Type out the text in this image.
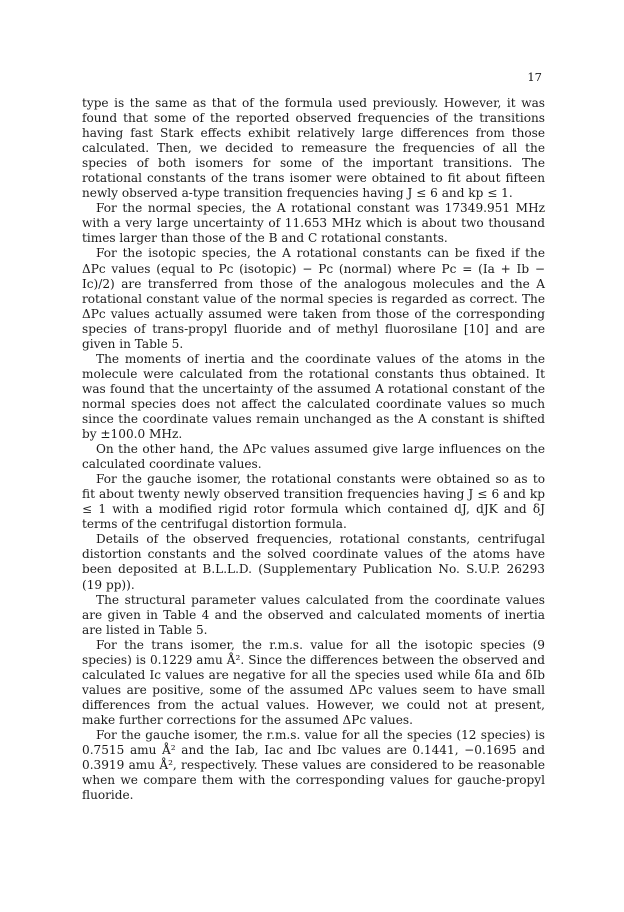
17

type is the same as that of the formula used previously. However, it was found that some of the reported observed frequencies of the transitions having fast Stark effects exhibit relatively large differences from those calculated. Then, we decided to remeasure the frequencies of all the species of both isomers for some of the important transitions. The rotational constants of the trans isomer were obtained to fit about fifteen newly observed a-type transition frequencies having J ≤ 6 and kp ≤ 1.

For the normal species, the A rotational constant was 17349.951 MHz with a very large uncertainty of 11.653 MHz which is about two thousand times larger than those of the B and C rotational constants.

For the isotopic species, the A rotational constants can be fixed if the ΔPc values (equal to Pc (isotopic) − Pc (normal) where Pc = (Ia + Ib − Ic)/2) are transferred from those of the analogous molecules and the A rotational constant value of the normal species is regarded as correct. The ΔPc values actually assumed were taken from those of the corresponding species of trans-propyl fluoride and of methyl fluorosilane [10] and are given in Table 5.

The moments of inertia and the coordinate values of the atoms in the molecule were calculated from the rotational constants thus obtained. It was found that the uncertainty of the assumed A rotational constant of the normal species does not affect the calculated coordinate values so much since the coordinate values remain unchanged as the A constant is shifted by ±100.0 MHz.

On the other hand, the ΔPc values assumed give large influences on the calculated coordinate values.

For the gauche isomer, the rotational constants were obtained so as to fit about twenty newly observed transition frequencies having J ≤ 6 and kp ≤ 1 with a modified rigid rotor formula which contained dJ, dJK and δJ terms of the centrifugal distortion formula.

Details of the observed frequencies, rotational constants, centrifugal distortion constants and the solved coordinate values of the atoms have been deposited at B.L.L.D. (Supplementary Publication No. S.U.P. 26293 (19 pp)).

The structural parameter values calculated from the coordinate values are given in Table 4 and the observed and calculated moments of inertia are listed in Table 5.

For the trans isomer, the r.m.s. value for all the isotopic species (9 species) is 0.1229 amu Å². Since the differences between the observed and calculated Ic values are negative for all the species used while δIa and δIb values are positive, some of the assumed ΔPc values seem to have small differences from the actual values. However, we could not at present, make further corrections for the assumed ΔPc values.

For the gauche isomer, the r.m.s. value for all the species (12 species) is 0.7515 amu Å² and the Iab, Iac and Ibc values are 0.1441, −0.1695 and 0.3919 amu Å², respectively. These values are considered to be reasonable when we compare them with the corresponding values for gauche-propyl fluoride.
